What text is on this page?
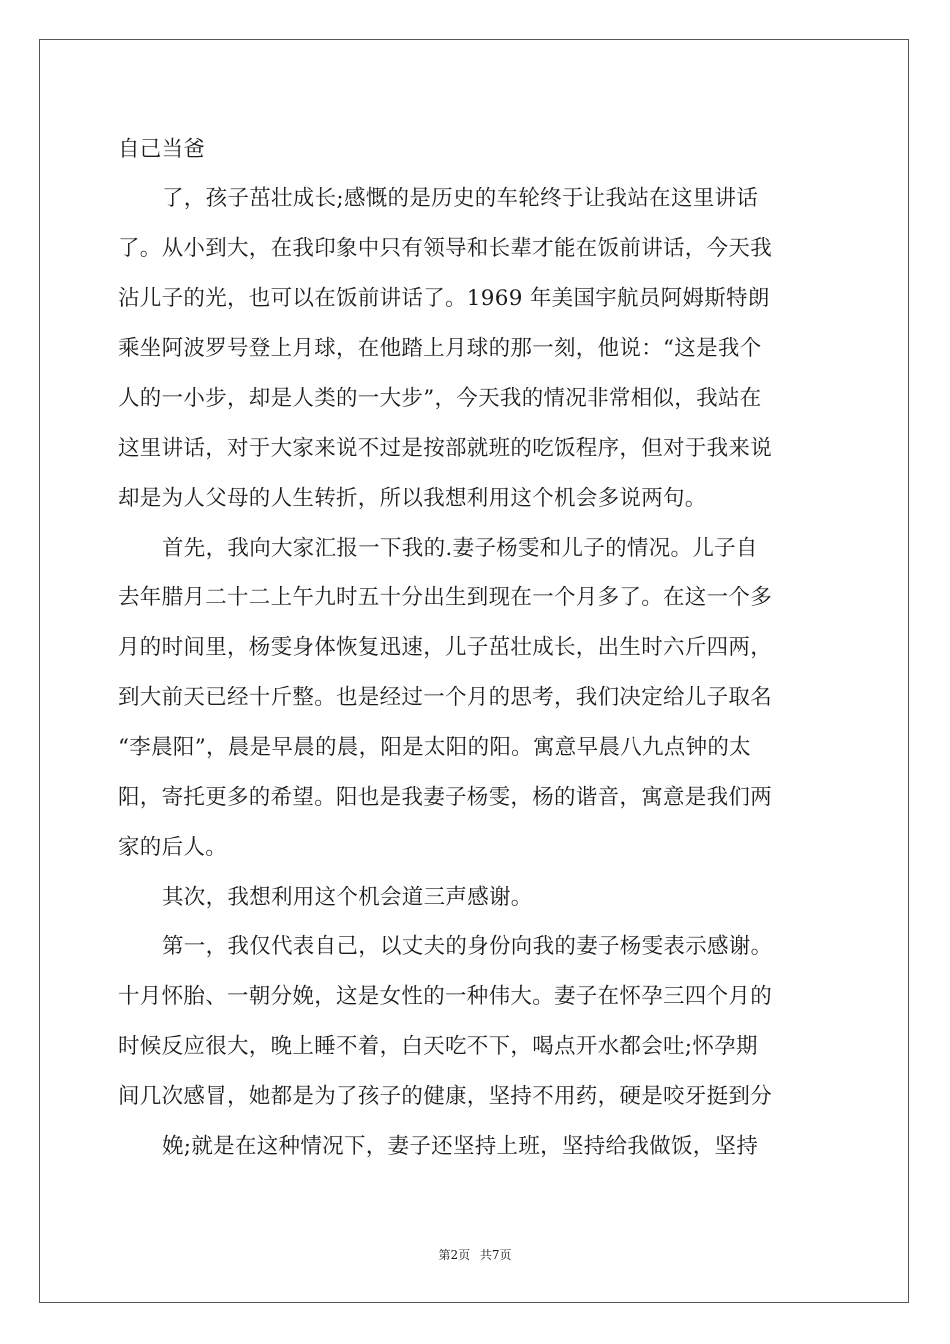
自己当爸
了，孩子茁壮成长;感慨的是历史的车轮终于让我站在这里讲话
了。从小到大，在我印象中只有领导和长辈才能在饭前讲话，今天我
沾儿子的光，也可以在饭前讲话了。1969 年美国宇航员阿姆斯特朗
乘坐阿波罗号登上月球，在他踏上月球的那一刻，他说：“这是我个
人的一小步，却是人类的一大步”，今天我的情况非常相似，我站在
这里讲话，对于大家来说不过是按部就班的吃饭程序，但对于我来说
却是为人父母的人生转折，所以我想利用这个机会多说两句。
首先，我向大家汇报一下我的.妻子杨雯和儿子的情况。儿子自
去年腊月二十二上午九时五十分出生到现在一个月多了。在这一个多
月的时间里，杨雯身体恢复迅速，儿子茁壮成长，出生时六斤四两，
到大前天已经十斤整。也是经过一个月的思考，我们决定给儿子取名
“李晨阳”，晨是早晨的晨，阳是太阳的阳。寓意早晨八九点钟的太
阳，寄托更多的希望。阳也是我妻子杨雯，杨的谐音，寓意是我们两
家的后人。
其次，我想利用这个机会道三声感谢。
第一，我仅代表自己，以丈夫的身份向我的妻子杨雯表示感谢。
十月怀胎、一朝分娩，这是女性的一种伟大。妻子在怀孕三四个月的
时候反应很大，晚上睡不着，白天吃不下，喝点开水都会吐;怀孕期
间几次感冒，她都是为了孩子的健康，坚持不用药，硬是咬牙挺到分
娩;就是在这种情况下，妻子还坚持上班，坚持给我做饭，坚持
第2页 共7页
